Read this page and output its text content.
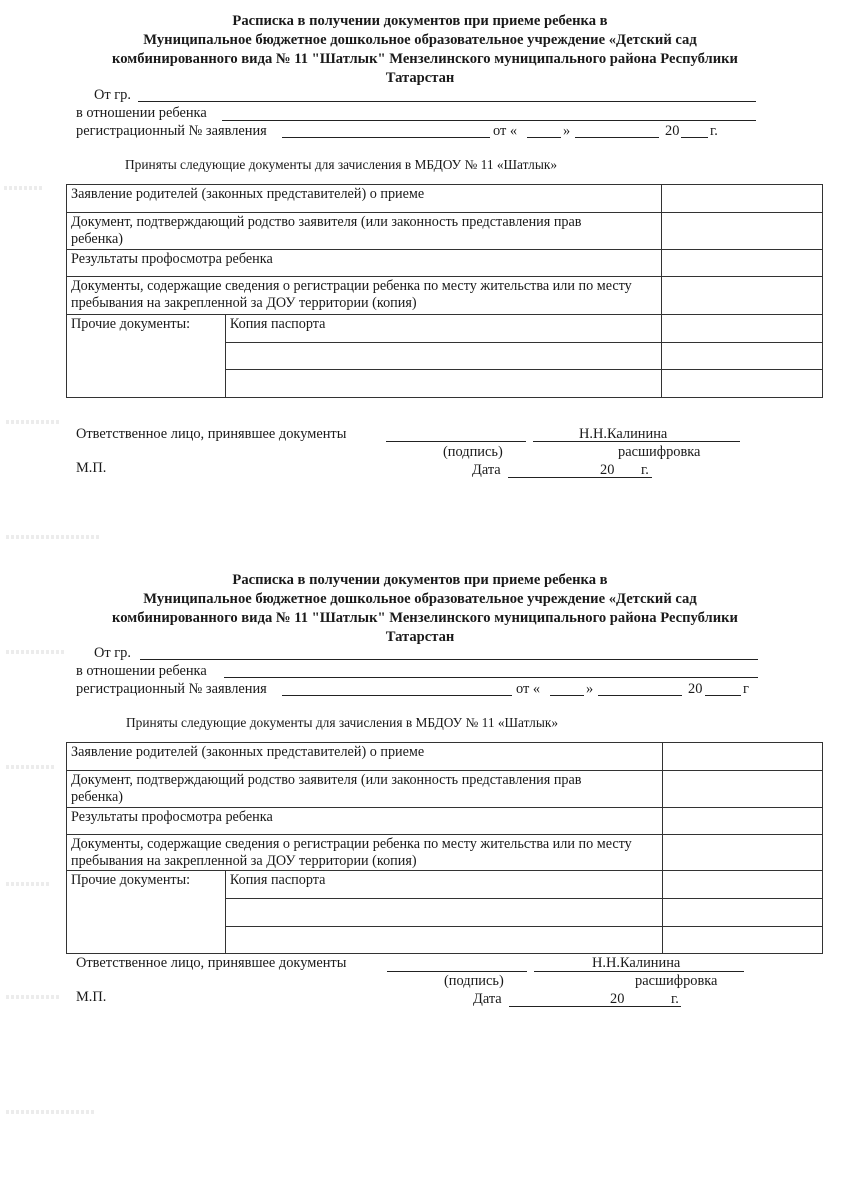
Расписка в получении документов при приеме ребенка в
Муниципальное бюджетное дошкольное образовательное учреждение «Детский сад
комбинированного вида № 11 "Шатлык" Мензелинского муниципального района Республики
Татарстан
От гр.
в отношении ребенка
регистрационный № заявления	от «	»	20 г.
Приняты следующие документы для зачисления в МБДОУ № 11 «Шатлык»
Заявление родителей (законных представителей) о приеме		
Документ, подтверждающий родство заявителя (или законность представления прав ребенка)		
Результаты профосмотра ребенка		
Документы, содержащие сведения о регистрации ребенка по месту жительства или по месту пребывания на закрепленной за ДОУ территории (копия)		
Прочие документы:	Копия паспорта	

Ответственное лицо, принявшее документы	Н.Н.Калинина
(подпись)	расшифровка
М.П.	Дата	20 г.
Расписка в получении документов при приеме ребенка в
Муниципальное бюджетное дошкольное образовательное учреждение «Детский сад
комбинированного вида № 11 "Шатлык" Мензелинского муниципального района Республики
Татарстан
От гр.
в отношении ребенка
регистрационный № заявления	от «	»	20	г
Приняты следующие документы для зачисления в МБДОУ № 11 «Шатлык»
Заявление родителей (законных представителей) о приеме		
Документ, подтверждающий родство заявителя (или законность представления прав ребенка)		
Результаты профосмотра ребенка		
Документы, содержащие сведения о регистрации ребенка по месту жительства или по месту пребывания на закрепленной за ДОУ территории (копия)		
Прочие документы:	Копия паспорта	

Ответственное лицо, принявшее документы	Н.Н.Калинина
(подпись)	расшифровка
М.П.	Дата	20	г.
